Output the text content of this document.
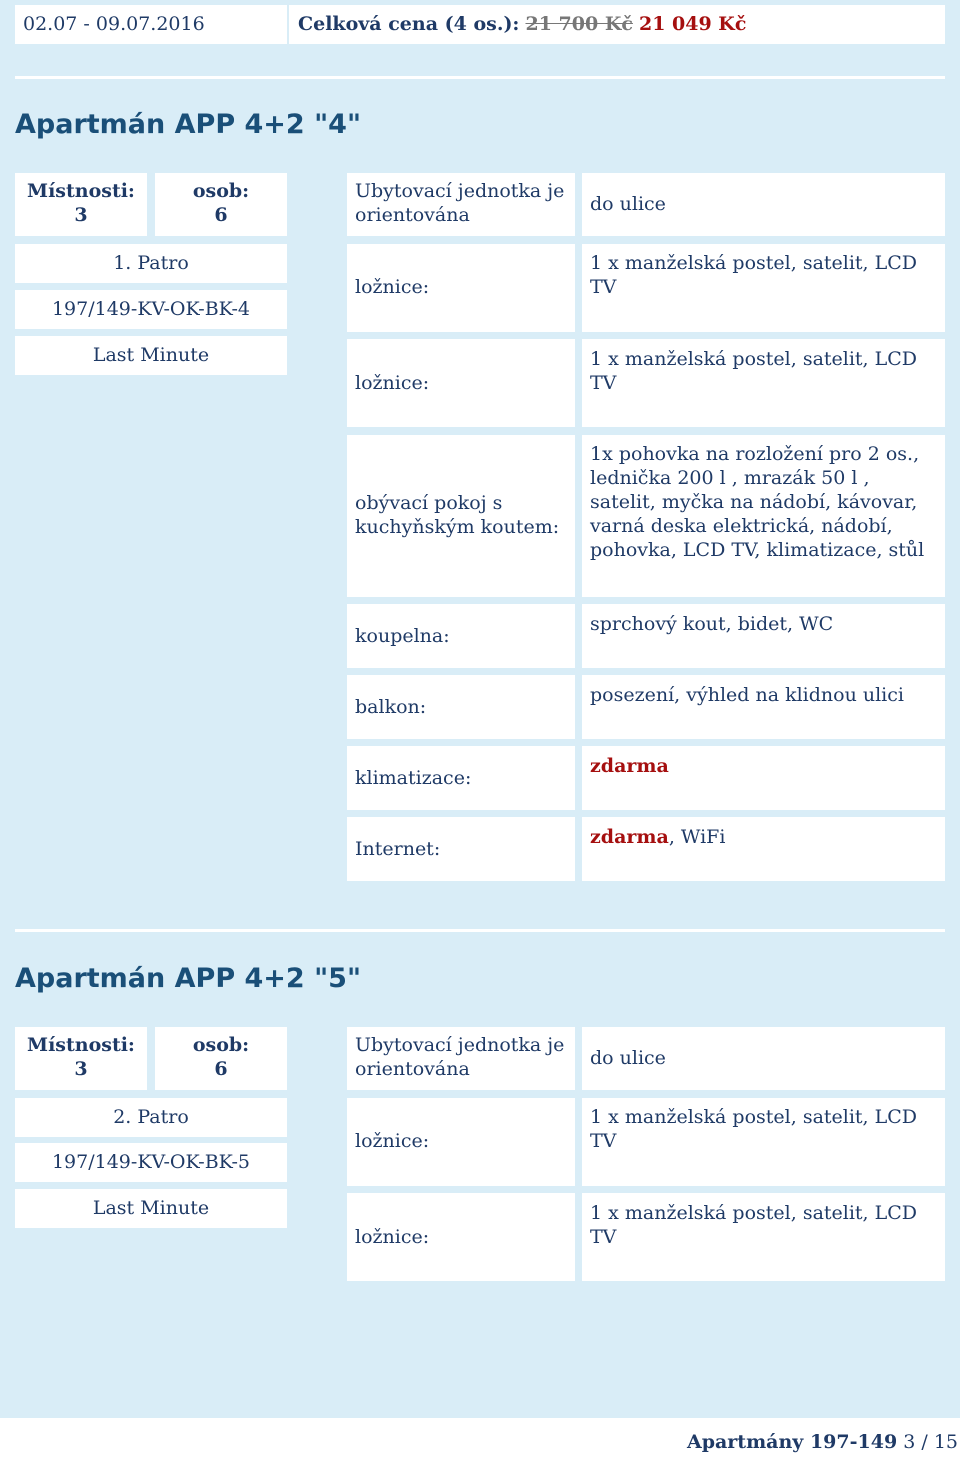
02.07 - 09.07.2016	Celková cena (4 os.): 21 700 Kč 21 049 Kč
Apartmán APP 4+2 "4"
Místnosti:
3
osob:
6
Ubytovací jednotka je orientována	do ulice
1. Patro
197/149-KV-OK-BK-4
Last Minute
ložnice:
1 x manželská postel, satelit, LCD TV
ložnice:
1 x manželská postel, satelit, LCD TV
obývací pokoj s kuchyňským koutem:
1x pohovka na rozložení pro 2 os., lednička 200 l , mrazák 50 l , satelit, myčka na nádobí, kávovar, varná deska elektrická, nádobí, pohovka, LCD TV, klimatizace, stůl
koupelna:
sprchový kout, bidet, WC
balkon:
posezení, výhled na klidnou ulici
klimatizace:
zdarma
Internet:
zdarma, WiFi
Apartmán APP 4+2 "5"
Místnosti:
3
osob:
6
Ubytovací jednotka je orientována	do ulice
2. Patro
197/149-KV-OK-BK-5
Last Minute
ložnice:
1 x manželská postel, satelit, LCD TV
ložnice:
1 x manželská postel, satelit, LCD TV
Apartmány 197-149 3 / 15
